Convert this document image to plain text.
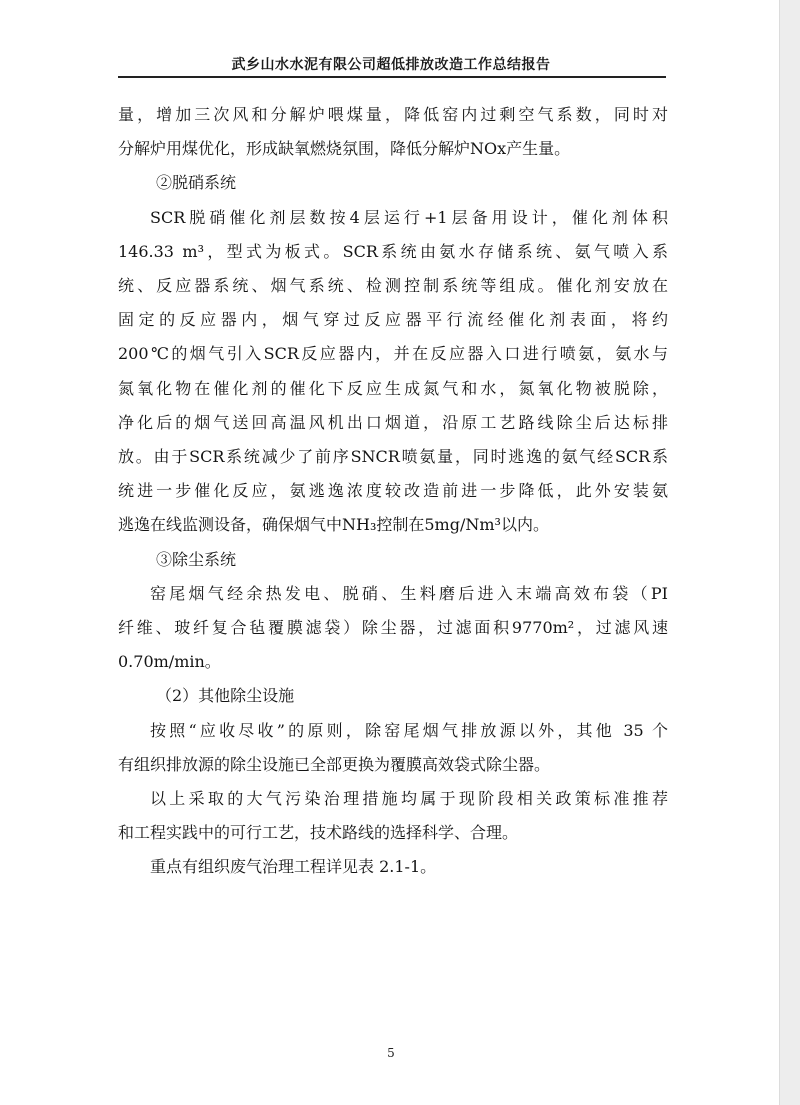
武乡山水水泥有限公司超低排放改造工作总结报告
量，增加三次风和分解炉喂煤量，降低窑内过剩空气系数，同时对
分解炉用煤优化，形成缺氧燃烧氛围，降低分解炉NOx产生量。
②脱硝系统
SCR脱硝催化剂层数按4层运行+1层备用设计，催化剂体积
146.33 m³，型式为板式。SCR系统由氨水存储系统、氨气喷入系
统、反应器系统、烟气系统、检测控制系统等组成。催化剂安放在
固定的反应器内，烟气穿过反应器平行流经催化剂表面，将约
200℃的烟气引入SCR反应器内，并在反应器入口进行喷氨，氨水与
氮氧化物在催化剂的催化下反应生成氮气和水，氮氧化物被脱除，
净化后的烟气送回高温风机出口烟道，沿原工艺路线除尘后达标排
放。由于SCR系统减少了前序SNCR喷氨量，同时逃逸的氨气经SCR系
统进一步催化反应，氨逃逸浓度较改造前进一步降低，此外安装氨
逃逸在线监测设备，确保烟气中NH₃控制在5mg/Nm³以内。
③除尘系统
窑尾烟气经余热发电、脱硝、生料磨后进入末端高效布袋（PI
纤维、玻纤复合毡覆膜滤袋）除尘器，过滤面积9770m²，过滤风速
0.70m/min。
（2）其他除尘设施
按照“应收尽收”的原则，除窑尾烟气排放源以外，其他 35 个
有组织排放源的除尘设施已全部更换为覆膜高效袋式除尘器。
以上采取的大气污染治理措施均属于现阶段相关政策标准推荐
和工程实践中的可行工艺，技术路线的选择科学、合理。
重点有组织废气治理工程详见表 2.1-1。
5
